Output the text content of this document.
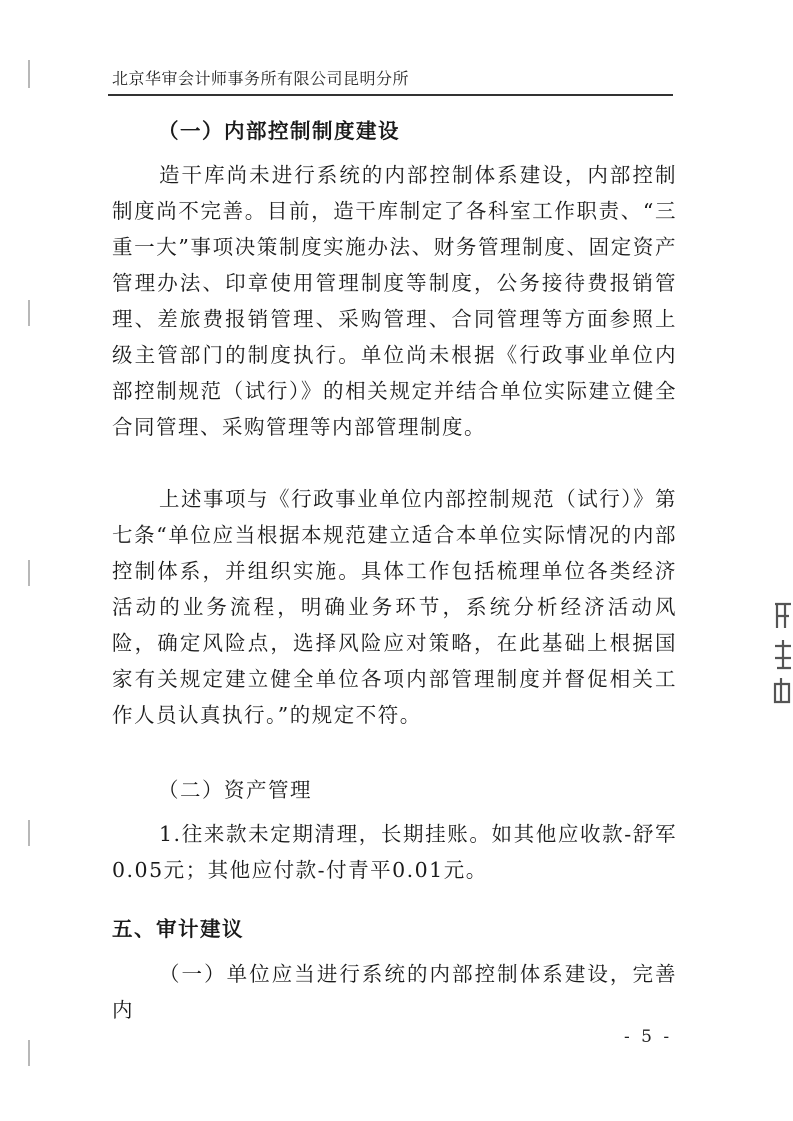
北京华审会计师事务所有限公司昆明分所
（一）内部控制制度建设
造干库尚未进行系统的内部控制体系建设，内部控制制度尚不完善。目前，造干库制定了各科室工作职责、“三重一大”事项决策制度实施办法、财务管理制度、固定资产管理办法、印章使用管理制度等制度，公务接待费报销管理、差旅费报销管理、采购管理、合同管理等方面参照上级主管部门的制度执行。单位尚未根据《行政事业单位内部控制规范（试行）》的相关规定并结合单位实际建立健全合同管理、采购管理等内部管理制度。
上述事项与《行政事业单位内部控制规范（试行）》第七条“单位应当根据本规范建立适合本单位实际情况的内部控制体系，并组织实施。具体工作包括梳理单位各类经济活动的业务流程，明确业务环节，系统分析经济活动风险，确定风险点，选择风险应对策略，在此基础上根据国家有关规定建立健全单位各项内部管理制度并督促相关工作人员认真执行。”的规定不符。
（二）资产管理
1.往来款未定期清理，长期挂账。如其他应收款-舒军0.05元；其他应付款-付青平0.01元。
五、审计建议
（一）单位应当进行系统的内部控制体系建设，完善内
- 5 -
